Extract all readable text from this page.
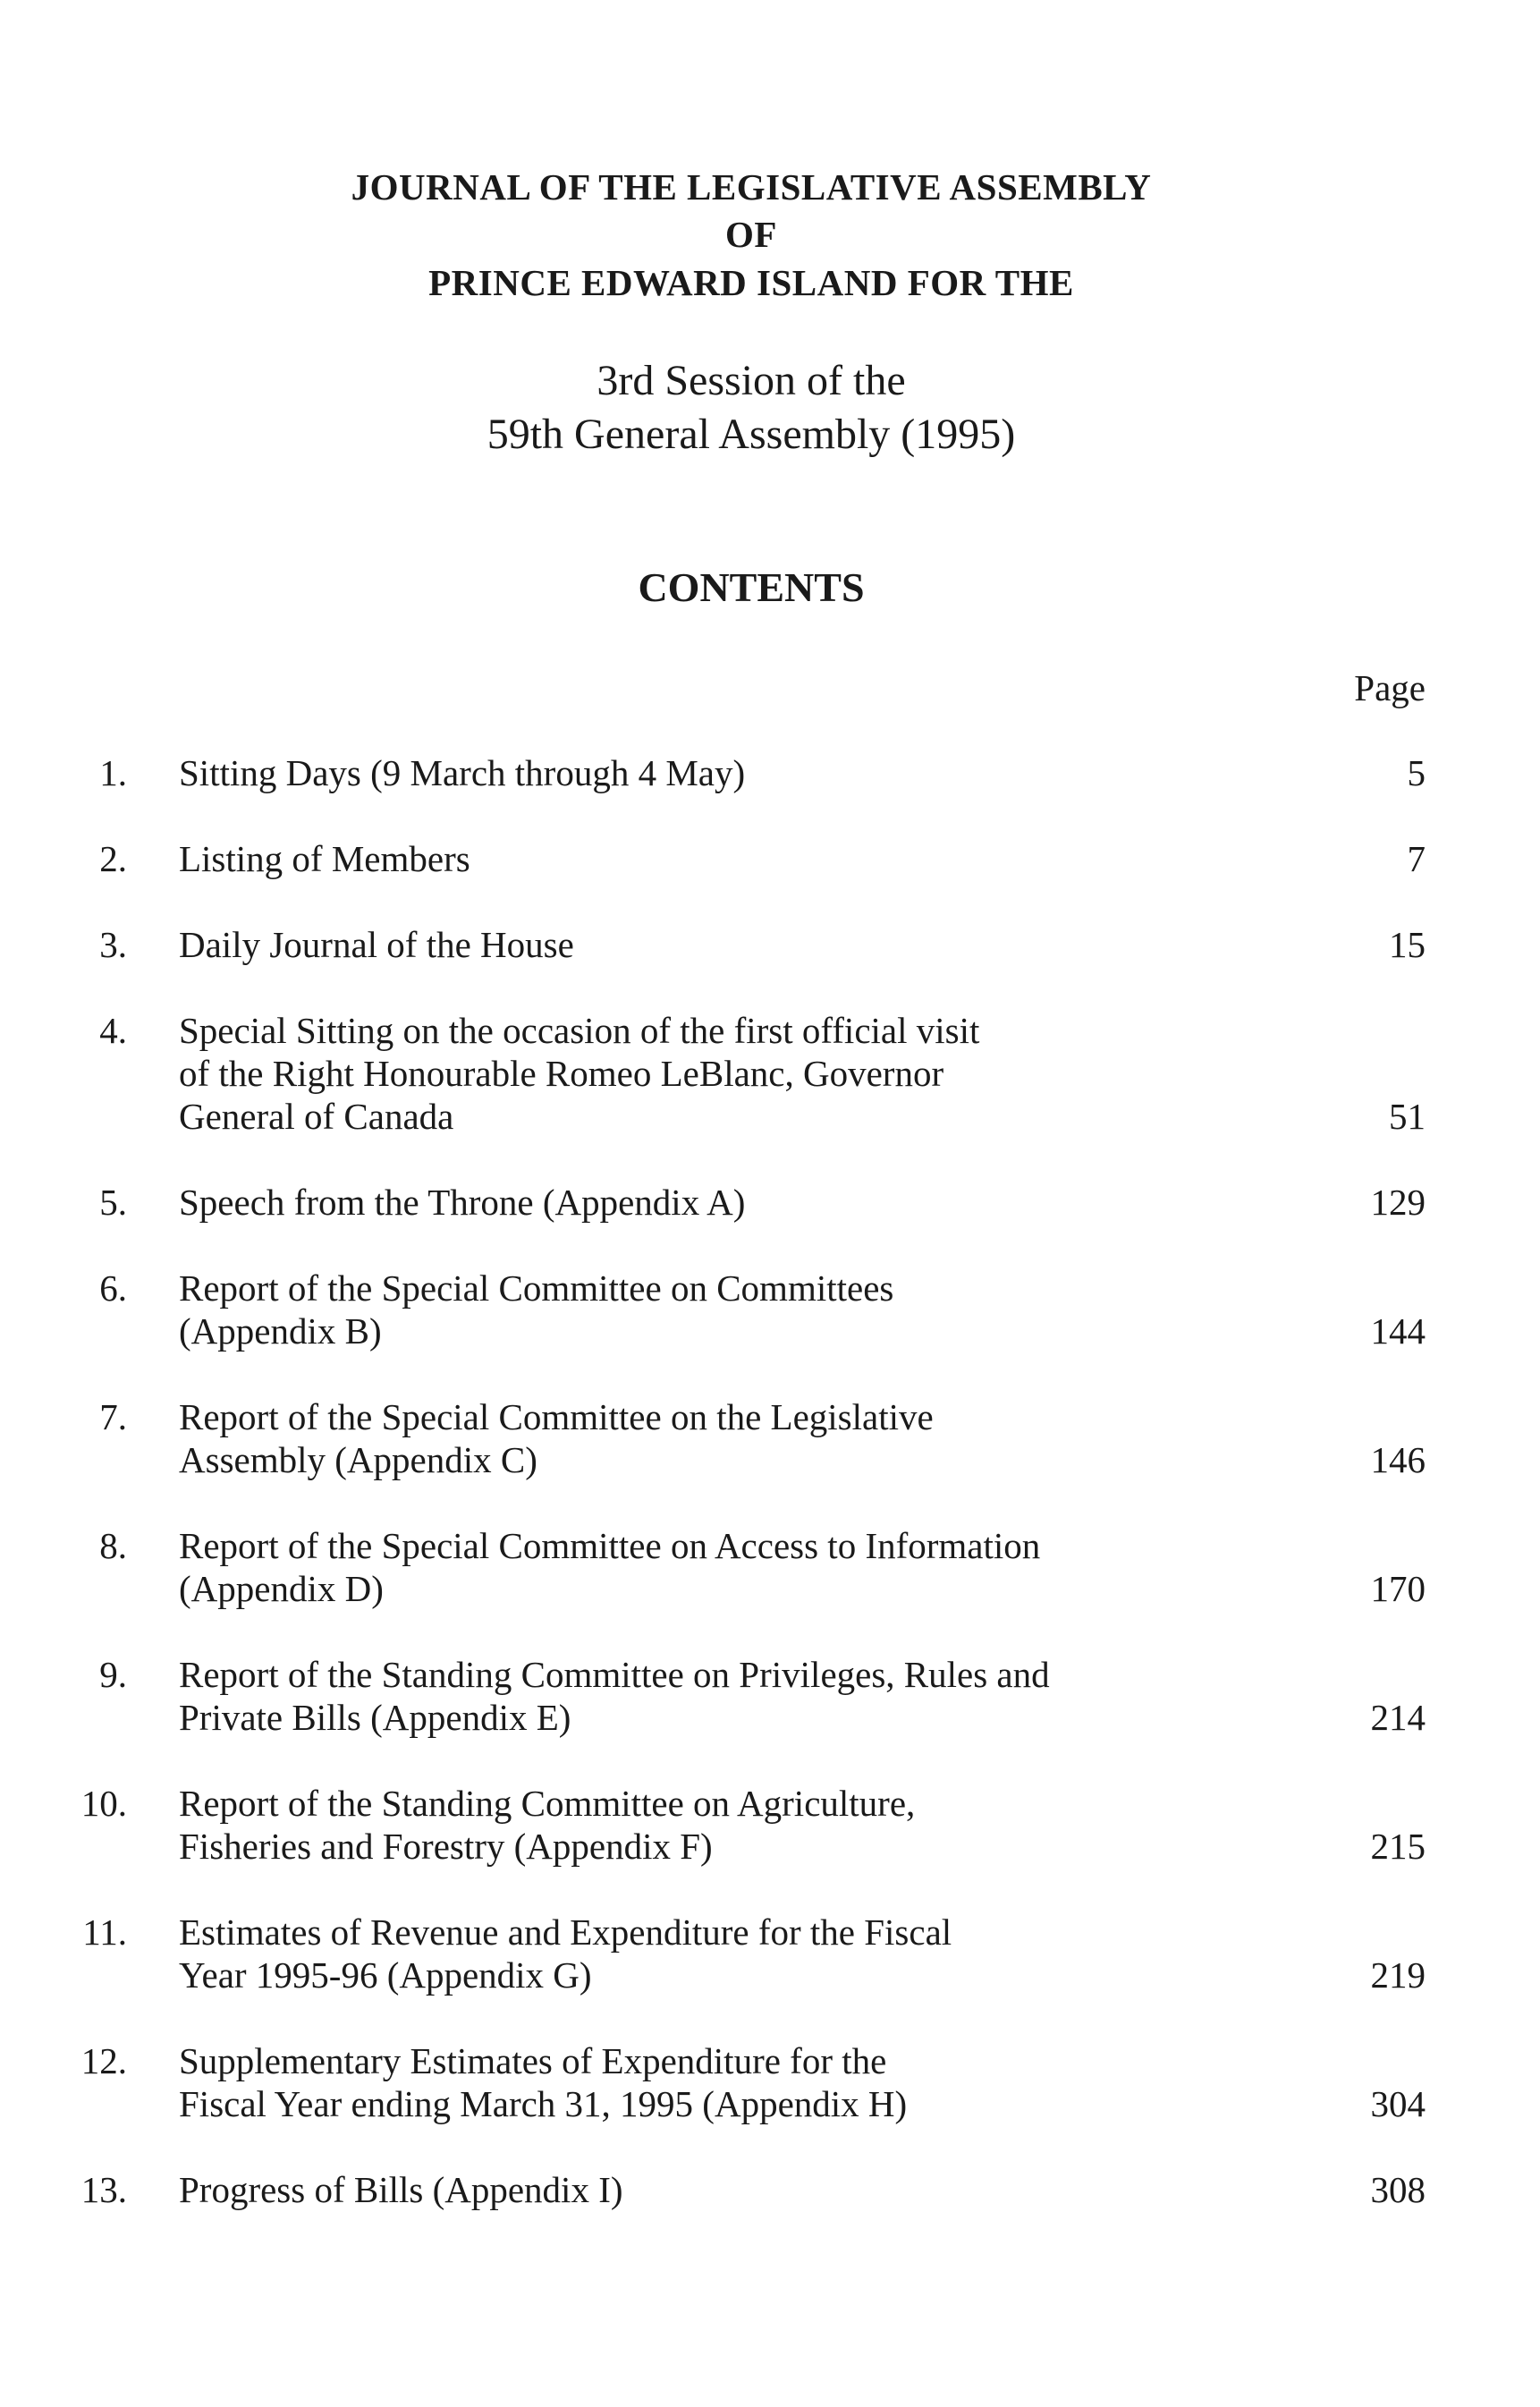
JOURNAL OF THE LEGISLATIVE ASSEMBLY
OF
PRINCE EDWARD ISLAND FOR THE
3rd Session of the
59th General Assembly (1995)
CONTENTS
Page
1. Sitting Days (9 March through 4 May)	5
2. Listing of Members	7
3. Daily Journal of the House	15
4. Special Sitting on the occasion of the first official visit
of the Right Honourable Romeo LeBlanc, Governor
General of Canada	51
5. Speech from the Throne (Appendix A)	129
6. Report of the Special Committee on Committees
(Appendix B)	144
7. Report of the Special Committee on the Legislative
Assembly (Appendix C)	146
8. Report of the Special Committee on Access to Information
(Appendix D)	170
9. Report of the Standing Committee on Privileges, Rules and
Private Bills (Appendix E)	214
10. Report of the Standing Committee on Agriculture,
Fisheries and Forestry (Appendix F)	215
11. Estimates of Revenue and Expenditure for the Fiscal
Year 1995-96 (Appendix G)	219
12. Supplementary Estimates of Expenditure for the
Fiscal Year ending March 31, 1995 (Appendix H)	304
13. Progress of Bills (Appendix I)	308
